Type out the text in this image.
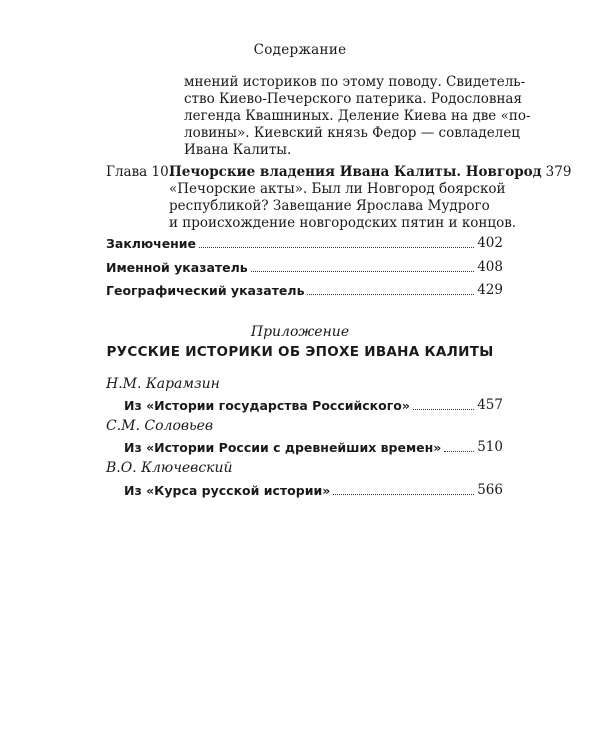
Содержание
мнений историков по этому поводу. Свидетель-
ство Киево-Печерского патерика. Родословная
легенда Квашниных. Деление Киева на две «по-
ловины». Киевский князь Федор — совладелец
Ивана Калиты.
Глава 10.
Печорские владения Ивана Калиты. Новгород 379
«Печорские акты». Был ли Новгород боярской
республикой? Завещание Ярослава Мудрого
и происхождение новгородских пятин и концов.
Заключение	402
Именной указатель	408
Географический указатель	429
Приложение
РУССКИЕ ИСТОРИКИ ОБ ЭПОХЕ ИВАНА КАЛИТЫ
Н.М. Карамзин
Из «Истории государства Российского»	457
С.М. Соловьев
Из «Истории России с древнейших времен»	510
В.О. Ключевский
Из «Курса русской истории»	566
